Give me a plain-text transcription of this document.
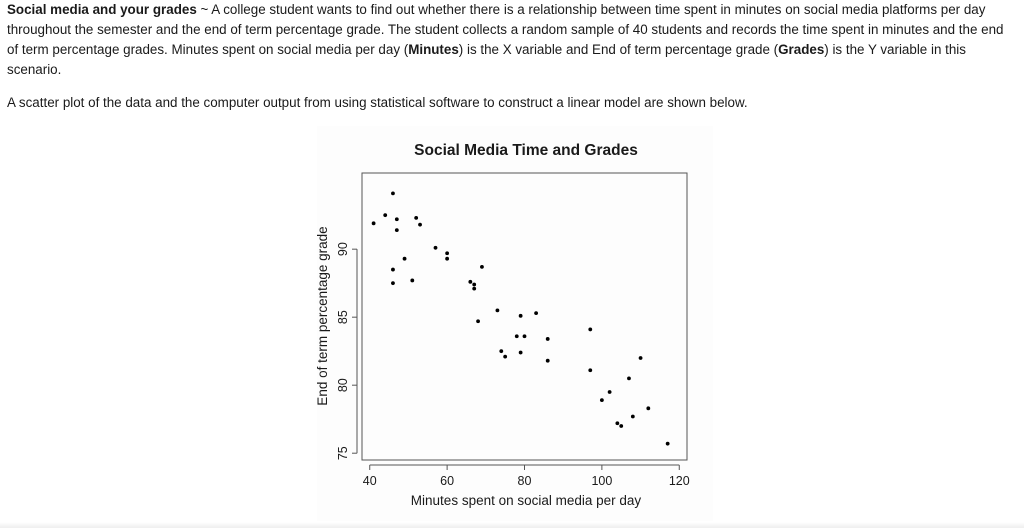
Social media and your grades ~ A college student wants to find out whether there is a relationship between time spent in minutes on social media platforms per day throughout the semester and the end of term percentage grade. The student collects a random sample of 40 students and records the time spent in minutes and the end of term percentage grades. Minutes spent on social media per day (Minutes) is the X variable and End of term percentage grade (Grades) is the Y variable in this scenario.

A scatter plot of the data and the computer output from using statistical software to construct a linear model are shown below.

Social Media Time and Grades
40	60	80	100	120
75
80
85
90
Minutes spent on social media per day
End of term percentage grade
